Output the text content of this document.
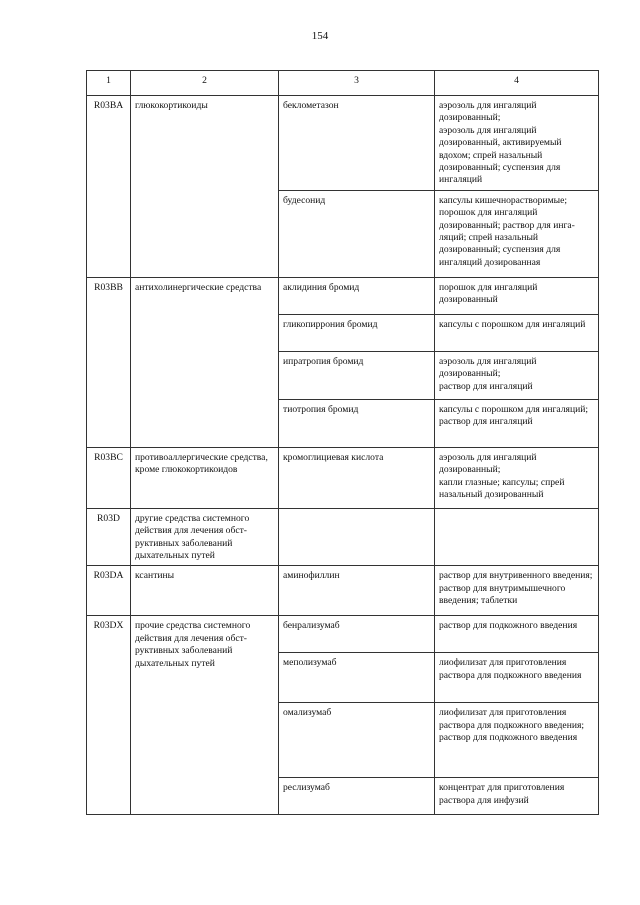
154
1	2	3	4
R03BA	глюкокортикоиды	беклометазон	аэрозоль для ингаляций дозированный;
аэрозоль для ингаляций дозированный, активируемый вдохом; спрей назальный дозированный; суспензия для ингаляций
		будесонид	капсулы кишечнорастворимые; порошок для ингаляций дозированный; раствор для инга-ляций; спрей назальный дозированный; суспензия для ингаляций дозированная
R03BB	антихолинергические средства	аклидиния бромид	порошок для ингаляций дозированный
		гликопиррония бромид	капсулы с порошком для ингаляций
		ипратропия бромид	аэрозоль для ингаляций дозированный;
раствор для ингаляций
		тиотропия бромид	капсулы с порошком для ингаляций;
раствор для ингаляций
R03BC	противоаллергические средства, кроме глюкокортикоидов	кромоглициевая кислота	аэрозоль для ингаляций дозированный;
капли глазные; капсулы; спрей назальный дозированный
R03D	другие средства системного действия для лечения обст-руктивных заболеваний дыхательных путей		
R03DA	ксантины	аминофиллин	раствор для внутривенного введения; раствор для внутримышечного введения; таблетки
R03DX	прочие средства системного действия для лечения обст-руктивных заболеваний дыхательных путей	бенрализумаб	раствор для подкожного введения
		меполизумаб	лиофилизат для приготовления раствора для подкожного введения
		омализумаб	лиофилизат для приготовления раствора для подкожного введения;
раствор для подкожного введения
		реслизумаб	концентрат для приготовления раствора для инфузий
